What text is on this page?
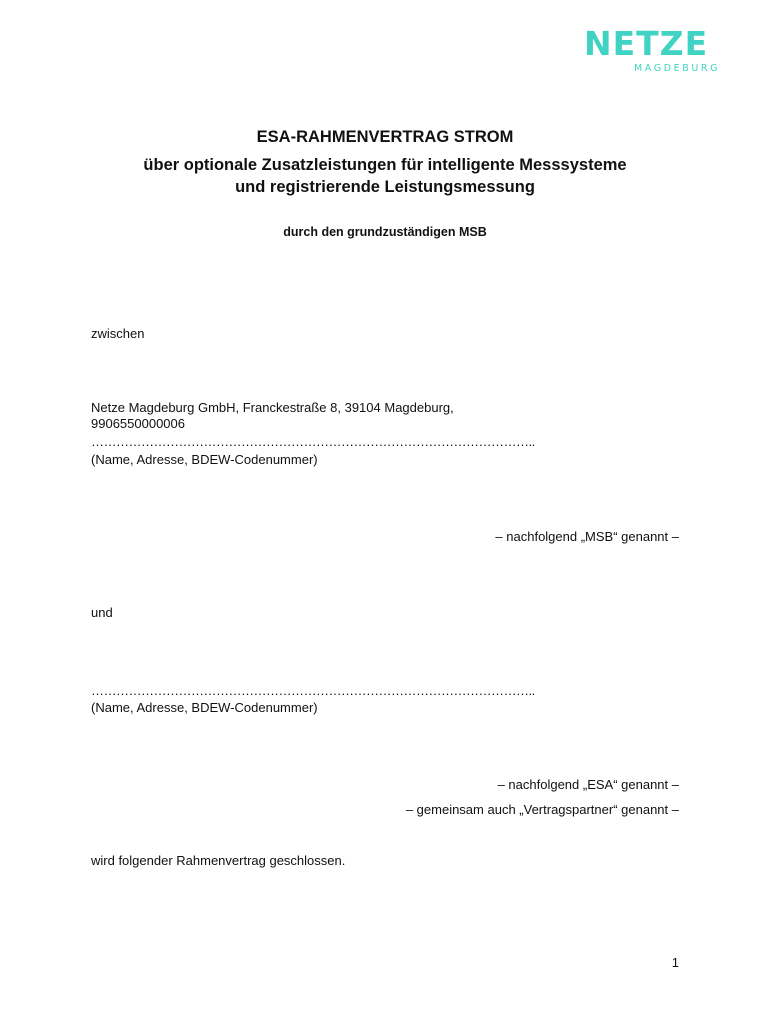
NETZE
MAGDEBURG
ESA-RAHMENVERTRAG STROM
über optionale Zusatzleistungen für intelligente Messsysteme
und registrierende Leistungsmessung
durch den grundzuständigen MSB
zwischen
Netze Magdeburg GmbH, Franckestraße 8, 39104 Magdeburg,
9906550000006
……………………………………………………………………………………………..
(Name, Adresse, BDEW-Codenummer)
– nachfolgend „MSB“ genannt –
und
……………………………………………………………………………………………..
(Name, Adresse, BDEW-Codenummer)
– nachfolgend „ESA“ genannt –
– gemeinsam auch „Vertragspartner“ genannt –
wird folgender Rahmenvertrag geschlossen.
1
